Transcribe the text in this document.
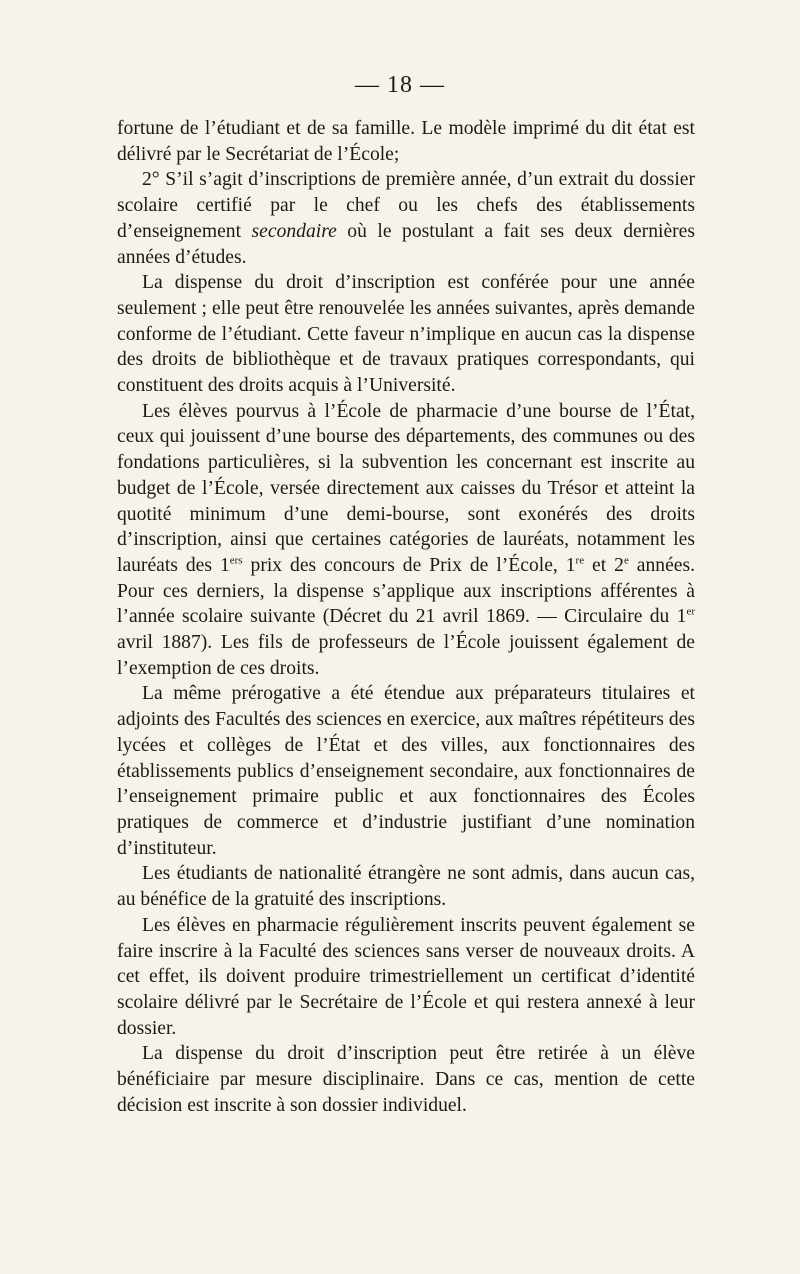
— 18 —

fortune de l’étudiant et de sa famille. Le modèle imprimé du dit état est délivré par le Secrétariat de l’École;

2° S’il s’agit d’inscriptions de première année, d’un extrait du dossier scolaire certifié par le chef ou les chefs des établissements d’enseignement secondaire où le postulant a fait ses deux dernières années d’études.

La dispense du droit d’inscription est conférée pour une année seulement ; elle peut être renouvelée les années suivantes, après demande conforme de l’étudiant. Cette faveur n’implique en aucun cas la dispense des droits de bibliothèque et de travaux pratiques correspondants, qui constituent des droits acquis à l’Université.

Les élèves pourvus à l’École de pharmacie d’une bourse de l’État, ceux qui jouissent d’une bourse des départements, des communes ou des fondations particulières, si la subvention les concernant est inscrite au budget de l’École, versée directement aux caisses du Trésor et atteint la quotité minimum d’une demi-bourse, sont exonérés des droits d’inscription, ainsi que certaines catégories de lauréats, notamment les lauréats des 1ers prix des concours de Prix de l’École, 1re et 2e années. Pour ces derniers, la dispense s’applique aux inscriptions afférentes à l’année scolaire suivante (Décret du 21 avril 1869. — Circulaire du 1er avril 1887). Les fils de professeurs de l’École jouissent également de l’exemption de ces droits.

La même prérogative a été étendue aux préparateurs titulaires et adjoints des Facultés des sciences en exercice, aux maîtres répétiteurs des lycées et collèges de l’État et des villes, aux fonctionnaires des établissements publics d’enseignement secondaire, aux fonctionnaires de l’enseignement primaire public et aux fonctionnaires des Écoles pratiques de commerce et d’industrie justifiant d’une nomination d’instituteur.

Les étudiants de nationalité étrangère ne sont admis, dans aucun cas, au bénéfice de la gratuité des inscriptions.

Les élèves en pharmacie régulièrement inscrits peuvent également se faire inscrire à la Faculté des sciences sans verser de nouveaux droits. A cet effet, ils doivent produire trimestriellement un certificat d’identité scolaire délivré par le Secrétaire de l’École et qui restera annexé à leur dossier.

La dispense du droit d’inscription peut être retirée à un élève bénéficiaire par mesure disciplinaire. Dans ce cas, mention de cette décision est inscrite à son dossier individuel.
